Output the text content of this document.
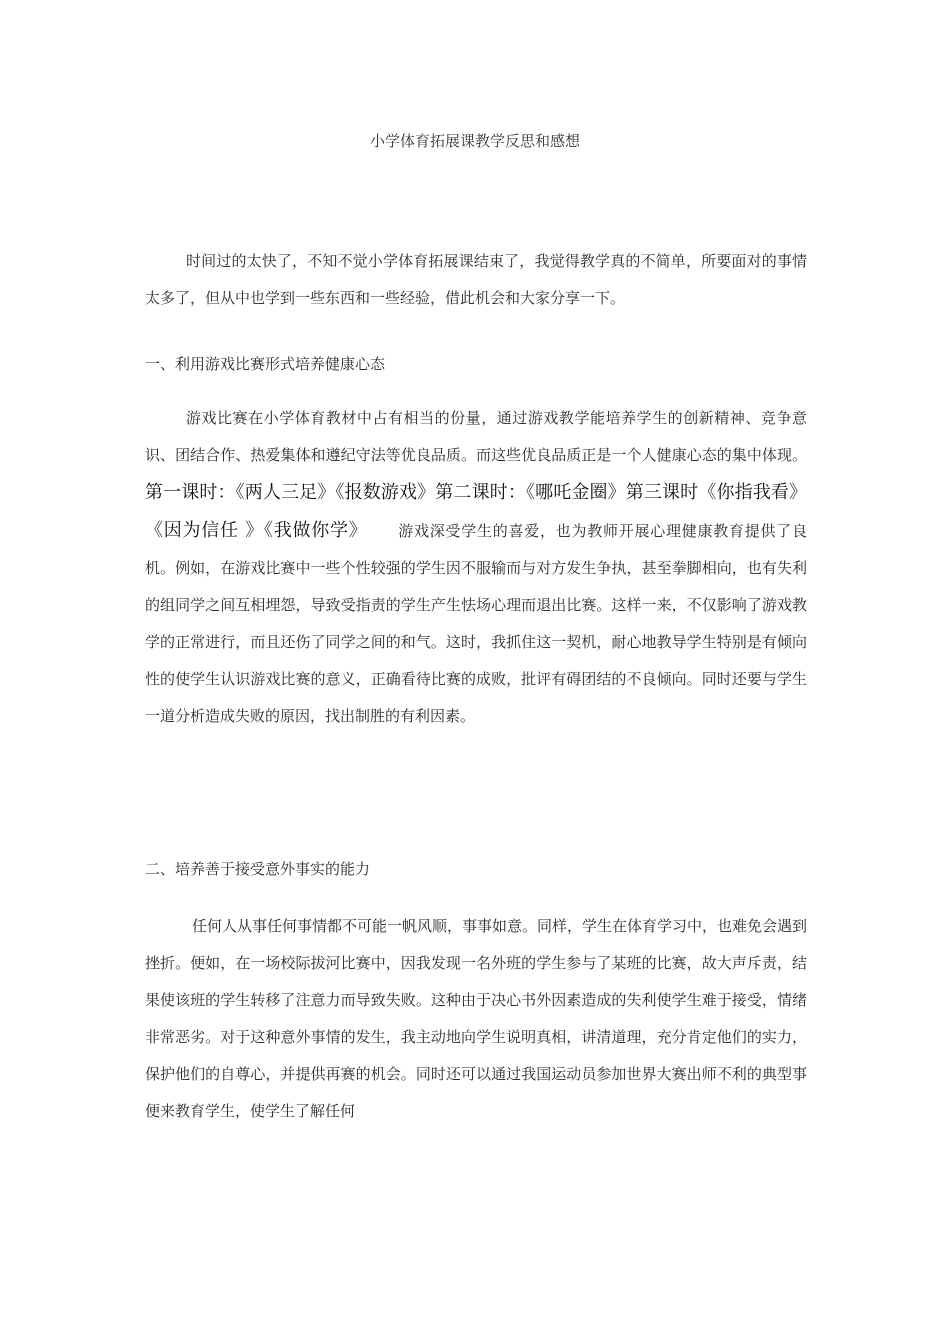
小学体育拓展课教学反思和感想

时间过的太快了，不知不觉小学体育拓展课结束了，我觉得教学真的不简单，所要面对的事情太多了，但从中也学到一些东西和一些经验，借此机会和大家分享一下。

一、利用游戏比赛形式培养健康心态

游戏比赛在小学体育教材中占有相当的份量，通过游戏教学能培养学生的创新精神、竞争意识、团结合作、热爱集体和遵纪守法等优良品质。而这些优良品质正是一个人健康心态的集中体现。第一课时：《两人三足》《报数游戏》第二课时：《哪吒金圈》第三课时《你指我看》《因为信任 》《我做你学》 游戏深受学生的喜爱，也为教师开展心理健康教育提供了良机。例如，在游戏比赛中一些个性较强的学生因不服输而与对方发生争执，甚至拳脚相向，也有失利的组同学之间互相埋怨，导致受指责的学生产生怯场心理而退出比赛。这样一来，不仅影响了游戏教学的正常进行，而且还伤了同学之间的和气。这时，我抓住这一契机，耐心地教导学生特别是有倾向性的使学生认识游戏比赛的意义，正确看待比赛的成败，批评有碍团结的不良倾向。同时还要与学生一道分析造成失败的原因，找出制胜的有利因素。

二、培养善于接受意外事实的能力

任何人从事任何事情都不可能一帆风顺，事事如意。同样，学生在体育学习中，也难免会遇到挫折。便如，在一场校际拔河比赛中，因我发现一名外班的学生参与了某班的比赛，故大声斥责，结果使该班的学生转移了注意力而导致失败。这种由于决心书外因素造成的失利使学生难于接受，情绪非常恶劣。对于这种意外事情的发生，我主动地向学生说明真相，讲清道理，充分肯定他们的实力，保护他们的自尊心，并提供再赛的机会。同时还可以通过我国运动员参加世界大赛出师不利的典型事便来教育学生，使学生了解任何
